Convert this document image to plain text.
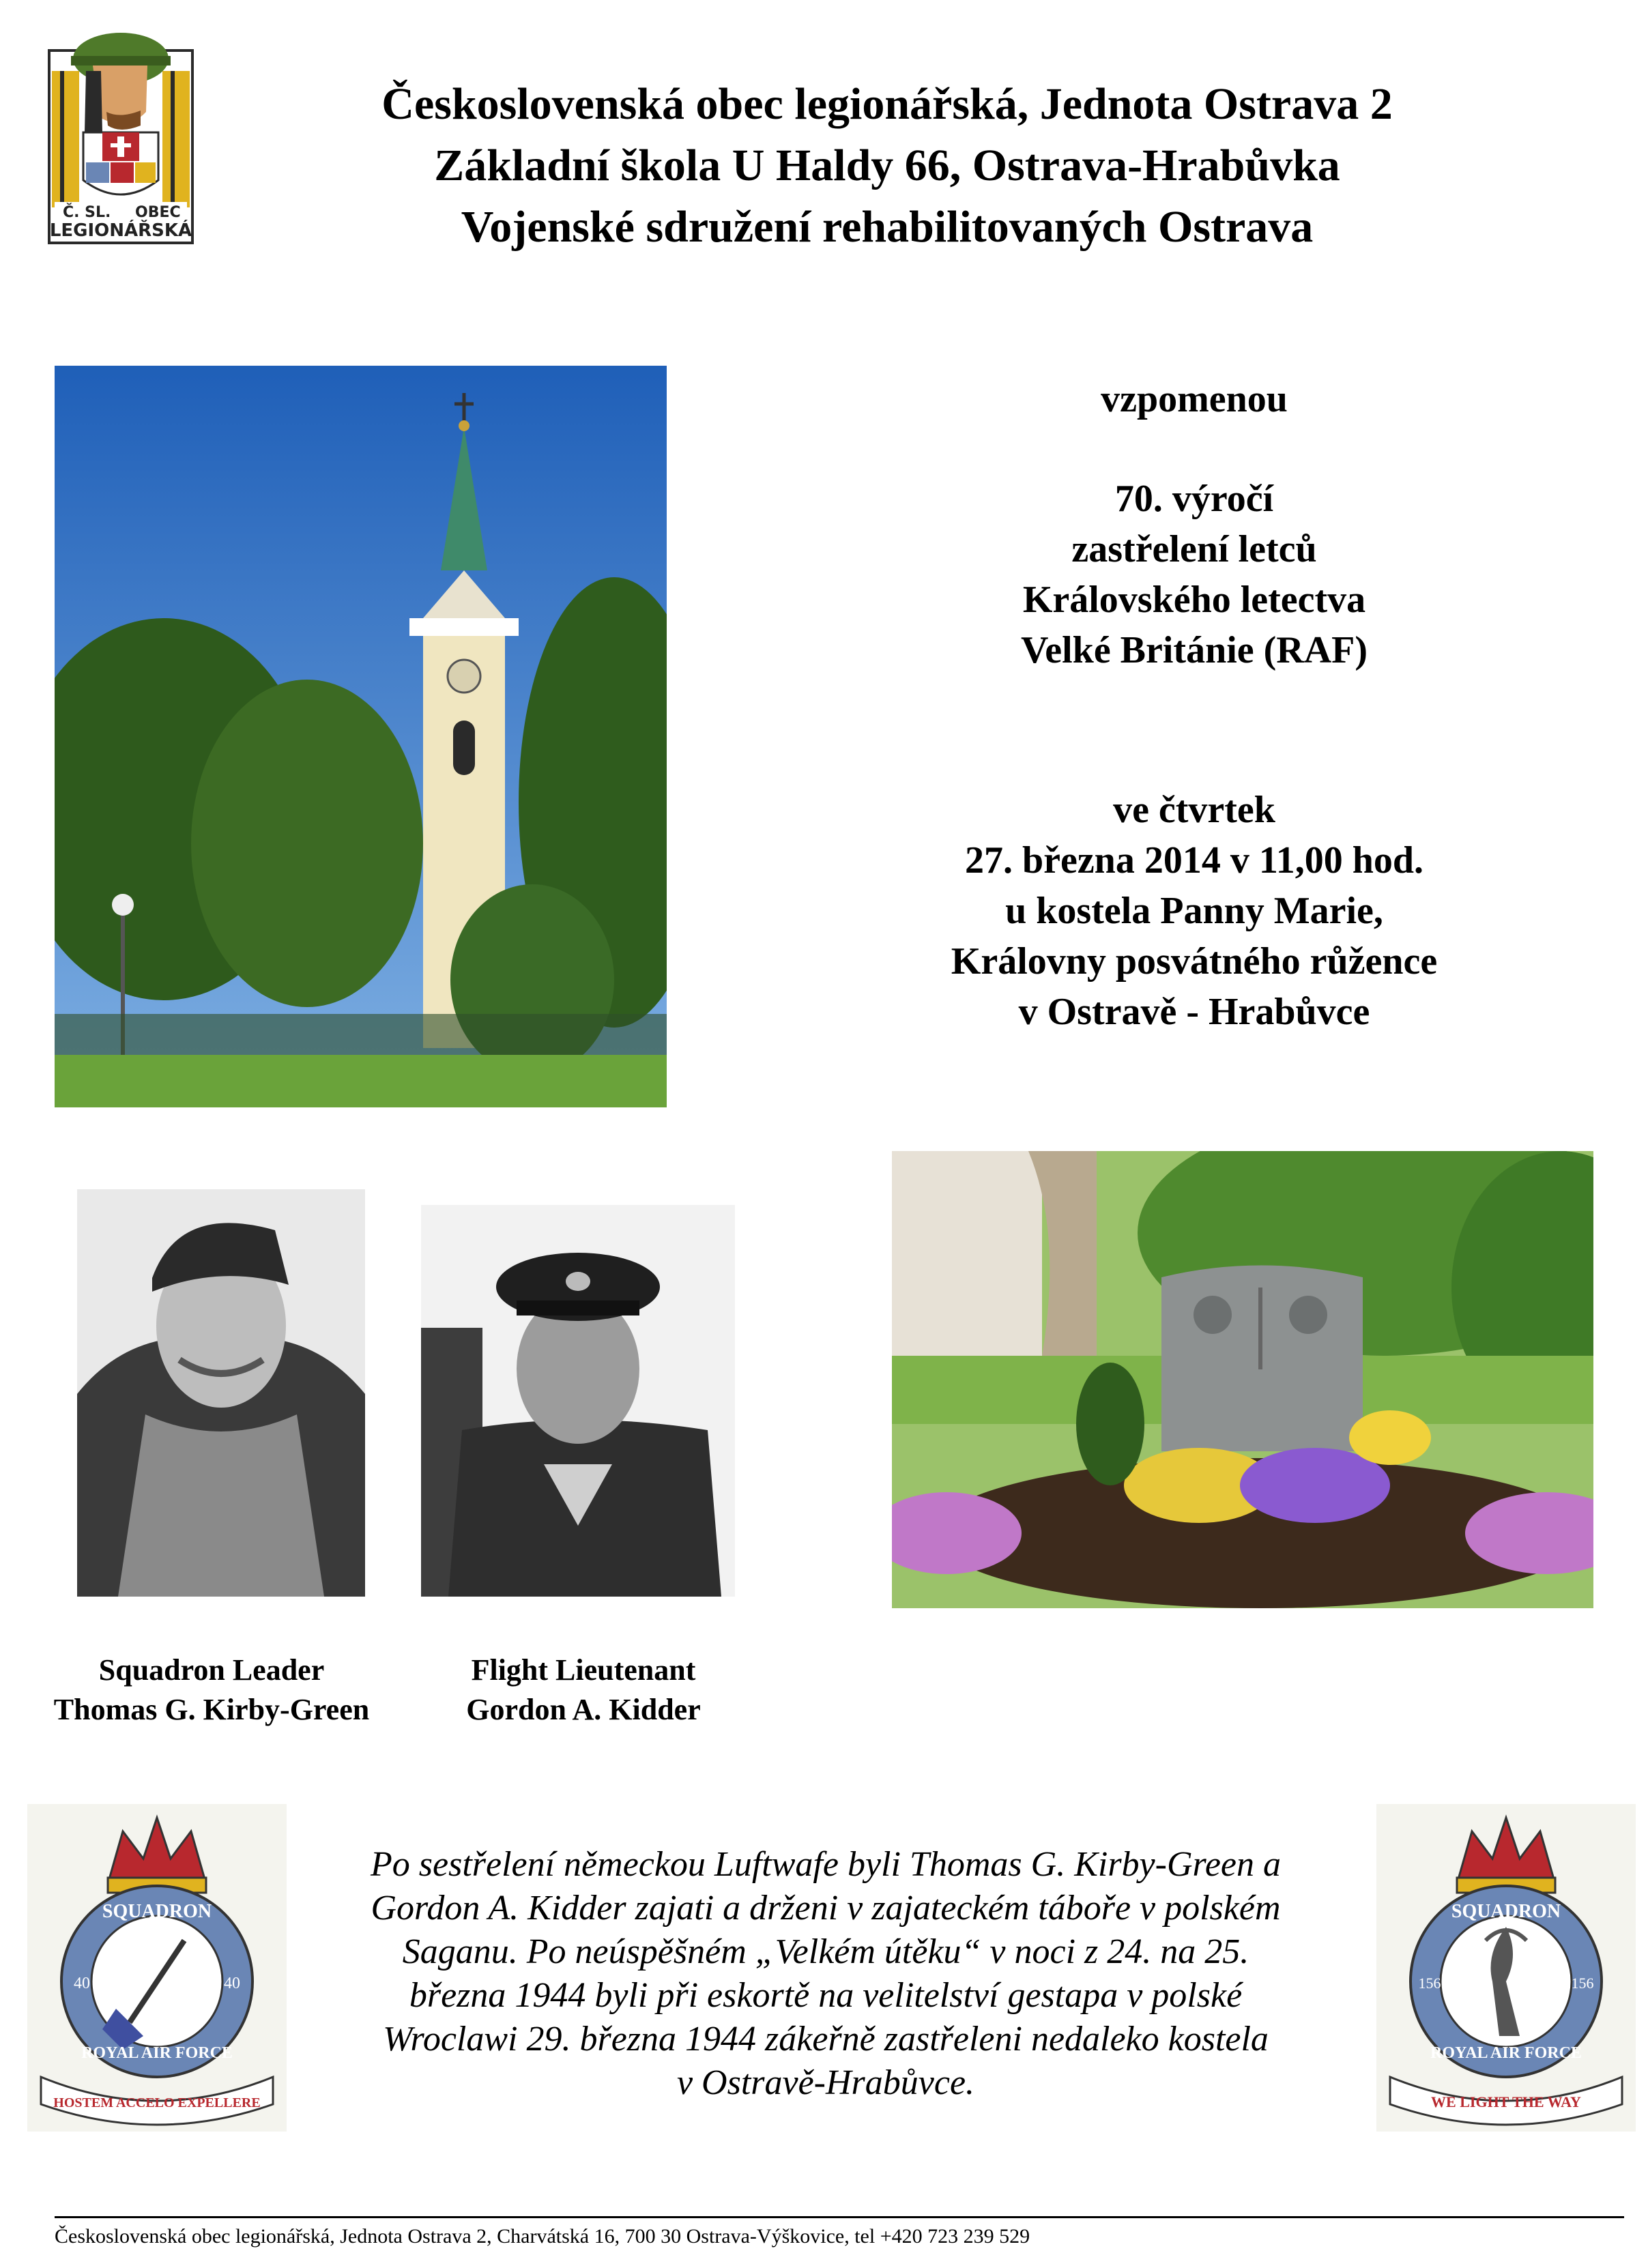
Č. SL. OBEC
LEGIONÁŘSKÁ
Československá obec legionářská, Jednota Ostrava 2
Základní škola U Haldy 66, Ostrava-Hrabůvka
Vojenské sdružení rehabilitovaných Ostrava
vzpomenou
70. výročí
zastřelení letců
Královského letectva
Velké Británie (RAF)
ve čtvrtek
27. března 2014 v 11,00 hod.
u kostela Panny Marie,
Královny posvátného růžence
v Ostravě - Hrabůvce
Squadron Leader
Thomas G. Kirby-Green
Flight Lieutenant
Gordon A. Kidder
SQUADRON
40	40
ROYAL AIR FORCE
HOSTEM ACCELO EXPELLERE
Po sestřelení německou Luftwafe byli Thomas G. Kirby-Green a
Gordon A. Kidder zajati a drženi v zajateckém táboře v polském
Saganu. Po neúspěšném „Velkém útěku“ v noci z 24. na 25.
března 1944 byli při eskortě na velitelství gestapa v polské
Wroclawi 29. března 1944 zákeřně zastřeleni nedaleko kostela
v Ostravě-Hrabůvce.
SQUADRON
156	156
ROYAL AIR FORCE
WE LIGHT THE WAY
Československá obec legionářská, Jednota Ostrava 2, Charvátská 16, 700 30 Ostrava-Výškovice, tel +420 723 239 529
